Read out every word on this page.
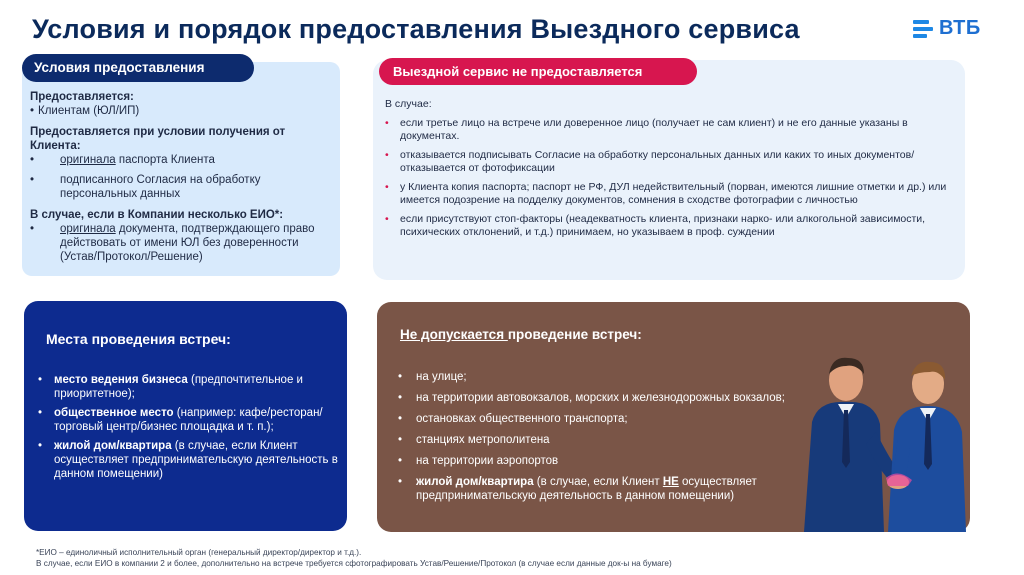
Условия и порядок предоставления Выездного сервиса	ВТБ
Условия предоставления
Предоставляется:
• Клиентам (ЮЛ/ИП)
Предоставляется при условии получения от Клиента:
•	оригинала паспорта Клиента
•	подписанного Согласия на обработку персональных данных
В случае, если в Компании несколько ЕИО*:
•	оригинала документа, подтверждающего право действовать от имени ЮЛ без доверенности (Устав/Протокол/Решение)
Выездной сервис не предоставляется
В случае:
•	если третье лицо на встрече или доверенное лицо (получает не сам клиент) и не его данные указаны в документах.
•	отказывается подписывать Согласие на обработку персональных данных или каких то иных документов/ отказывается от фотофиксации
•	у Клиента копия паспорта; паспорт не РФ, ДУЛ недействительный (порван, имеются лишние отметки и др.) или имеется подозрение на подделку документов, сомнения в сходстве фотографии с личностью
•	если присутствуют стоп-факторы (неадекватность клиента, признаки нарко- или алкогольной зависимости, психических отклонений, и т.д.) принимаем, но указываем в проф. суждении
Места проведения встреч:
•	место ведения бизнеса (предпочтительное и приоритетное);
•	общественное место (например: кафе/ресторан/торговый центр/бизнес площадка и т. п.);
•	жилой дом/квартира (в случае, если Клиент осуществляет предпринимательскую деятельность в данном помещении)
Не допускается проведение встреч:
•	на улице;
•	на территории автовокзалов, морских и железнодорожных вокзалов;
•	остановках общественного транспорта;
•	станциях метрополитена
•	на территории аэропортов
•	жилой дом/квартира (в случае, если Клиент НЕ осуществляет предпринимательскую деятельность в данном помещении)
*ЕИО – единоличный исполнительный орган (генеральный директор/директор и т.д.).
В случае, если ЕИО в компании 2 и более, дополнительно на встрече требуется сфотографировать Устав/Решение/Протокол (в случае если данные док-ы на бумаге)
